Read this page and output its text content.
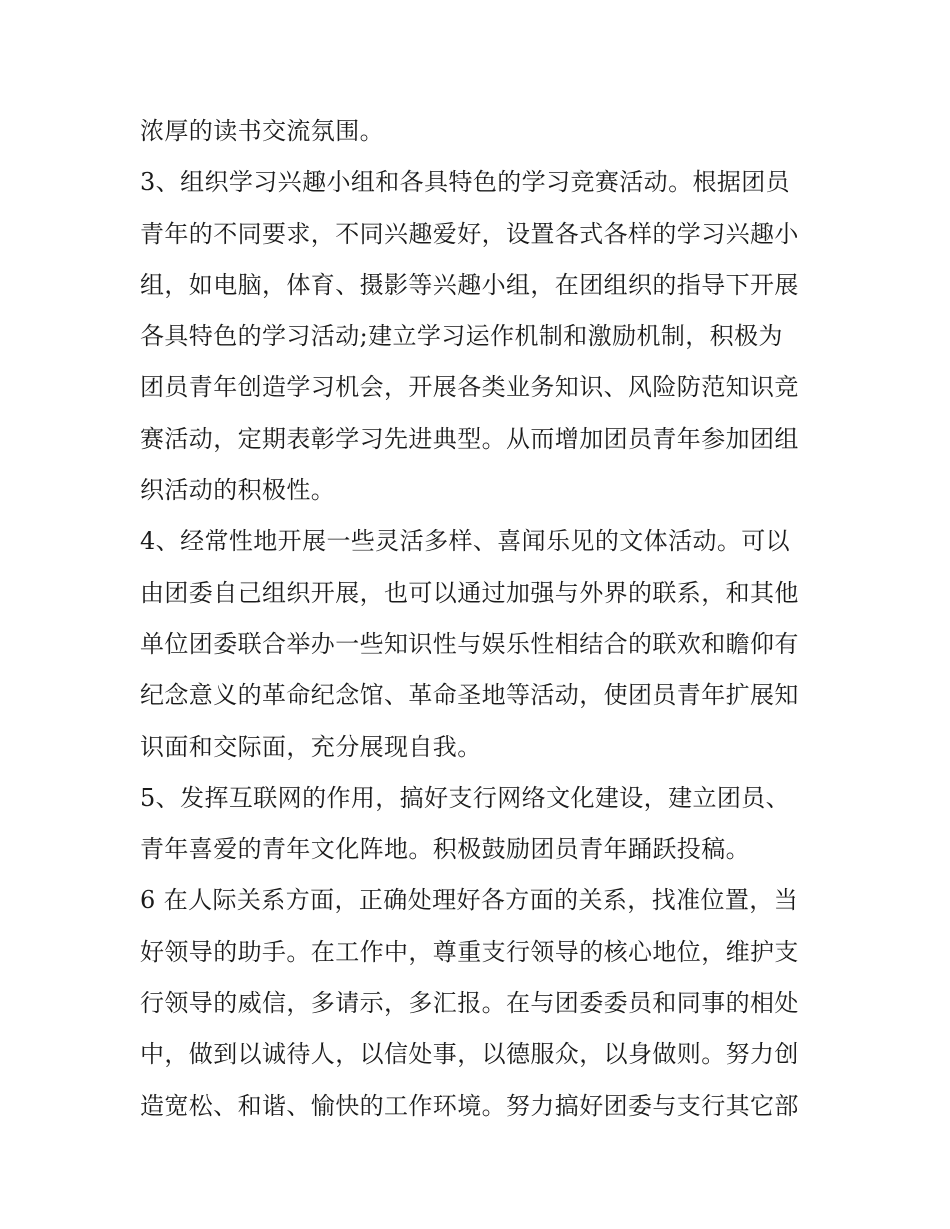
浓厚的读书交流氛围。
3、组织学习兴趣小组和各具特色的学习竞赛活动。根据团员
青年的不同要求，不同兴趣爱好，设置各式各样的学习兴趣小
组，如电脑，体育、摄影等兴趣小组，在团组织的指导下开展
各具特色的学习活动;建立学习运作机制和激励机制，积极为
团员青年创造学习机会，开展各类业务知识、风险防范知识竞
赛活动，定期表彰学习先进典型。从而增加团员青年参加团组
织活动的积极性。
4、经常性地开展一些灵活多样、喜闻乐见的文体活动。可以
由团委自己组织开展，也可以通过加强与外界的联系，和其他
单位团委联合举办一些知识性与娱乐性相结合的联欢和瞻仰有
纪念意义的革命纪念馆、革命圣地等活动，使团员青年扩展知
识面和交际面，充分展现自我。
5、发挥互联网的作用，搞好支行网络文化建设，建立团员、
青年喜爱的青年文化阵地。积极鼓励团员青年踊跃投稿。
6 在人际关系方面，正确处理好各方面的关系，找准位置，当
好领导的助手。在工作中，尊重支行领导的核心地位，维护支
行领导的威信，多请示，多汇报。在与团委委员和同事的相处
中，做到以诚待人，以信处事，以德服众，以身做则。努力创
造宽松、和谐、愉快的工作环境。努力搞好团委与支行其它部
